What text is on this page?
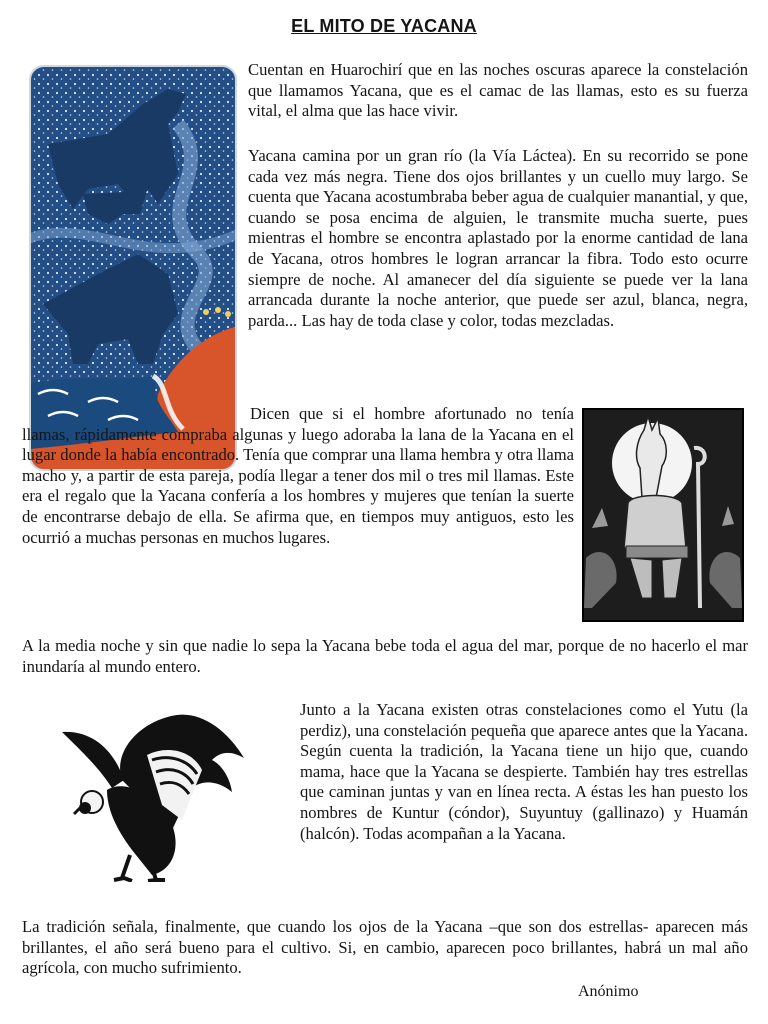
EL MITO DE YACANA

Cuentan en Huarochirí que en las noches oscuras aparece la constelación que llamamos Yacana, que es el camac de las llamas, esto es su fuerza vital, el alma que las hace vivir.

Yacana camina por un gran río (la Vía Láctea). En su recorrido se pone cada vez más negra. Tiene dos ojos brillantes y un cuello muy largo. Se cuenta que Yacana acostumbraba beber agua de cualquier manantial, y que, cuando se posa encima de alguien, le transmite mucha suerte, pues mientras el hombre se encontra aplastado por la enorme cantidad de lana de Yacana, otros hombres le logran arrancar la fibra. Todo esto ocurre siempre de noche. Al amanecer del día siguiente se puede ver la lana arrancada durante la noche anterior, que puede ser azul, blanca, negra, parda... Las hay de toda clase y color, todas mezcladas.

Dicen que si el hombre afortunado no tenía llamas, rápidamente compraba algunas y luego adoraba la lana de la Yacana en el lugar donde la había encontrado. Tenía que comprar una llama hembra y otra llama macho y, a partir de esta pareja, podía llegar a tener dos mil o tres mil llamas. Este era el regalo que la Yacana confería a los hombres y mujeres que tenían la suerte de encontrarse debajo de ella. Se afirma que, en tiempos muy antiguos, esto les ocurrió a muchas personas en muchos lugares.

A la media noche y sin que nadie lo sepa la Yacana bebe toda el agua del mar, porque de no hacerlo el mar inundaría al mundo entero.

Junto a la Yacana existen otras constelaciones como el Yutu (la perdiz), una constelación pequeña que aparece antes que la Yacana. Según cuenta la tradición, la Yacana tiene un hijo que, cuando mama, hace que la Yacana se despierte. También hay tres estrellas que caminan juntas y van en línea recta. A éstas les han puesto los nombres de Kuntur (cóndor), Suyuntuy (gallinazo) y Huamán (halcón). Todas acompañan a la Yacana.

La tradición señala, finalmente, que cuando los ojos de la Yacana –que son dos estrellas- aparecen más brillantes, el año será bueno para el cultivo. Si, en cambio, aparecen poco brillantes, habrá un mal año agrícola, con mucho sufrimiento.

Anónimo
